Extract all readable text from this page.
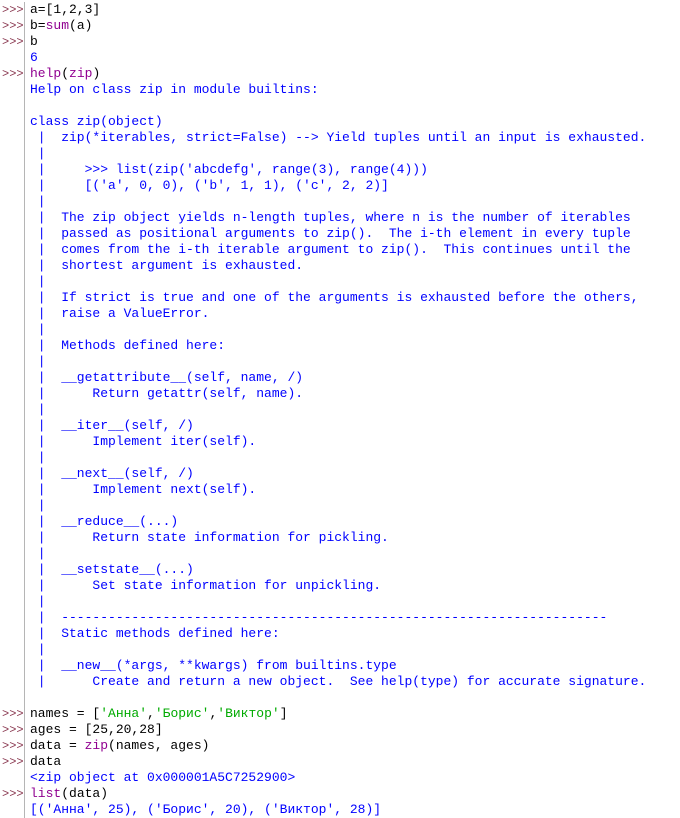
>>> a=[1,2,3]
>>> b=sum(a)
>>> b
6
>>> help(zip)
Help on class zip in module builtins:
class zip(object)
|  zip(*iterables, strict=False) --> Yield tuples until an input is exhausted.
|
|     >>> list(zip('abcdefg', range(3), range(4)))
|     [('a', 0, 0), ('b', 1, 1), ('c', 2, 2)]
|
|  The zip object yields n-length tuples, where n is the number of iterables
|  passed as positional arguments to zip().  The i-th element in every tuple
|  comes from the i-th iterable argument to zip().  This continues until the
|  shortest argument is exhausted.
|
|  If strict is true and one of the arguments is exhausted before the others,
|  raise a ValueError.
|
|  Methods defined here:
|
|  __getattribute__(self, name, /)
|      Return getattr(self, name).
|
|  __iter__(self, /)
|      Implement iter(self).
|
|  __next__(self, /)
|      Implement next(self).
|
|  __reduce__(...)
|      Return state information for pickling.
|
|  __setstate__(...)
|      Set state information for unpickling.
|
|  ----------------------------------------------------------------------
|  Static methods defined here:
|
|  __new__(*args, **kwargs) from builtins.type
|      Create and return a new object.  See help(type) for accurate signature.
>>> names = ['Анна','Борис','Виктор']
>>> ages = [25,20,28]
>>> data = zip(names, ages)
>>> data
<zip object at 0x000001A5C7252900>
>>> list(data)
[('Анна', 25), ('Борис', 20), ('Виктор', 28)]
